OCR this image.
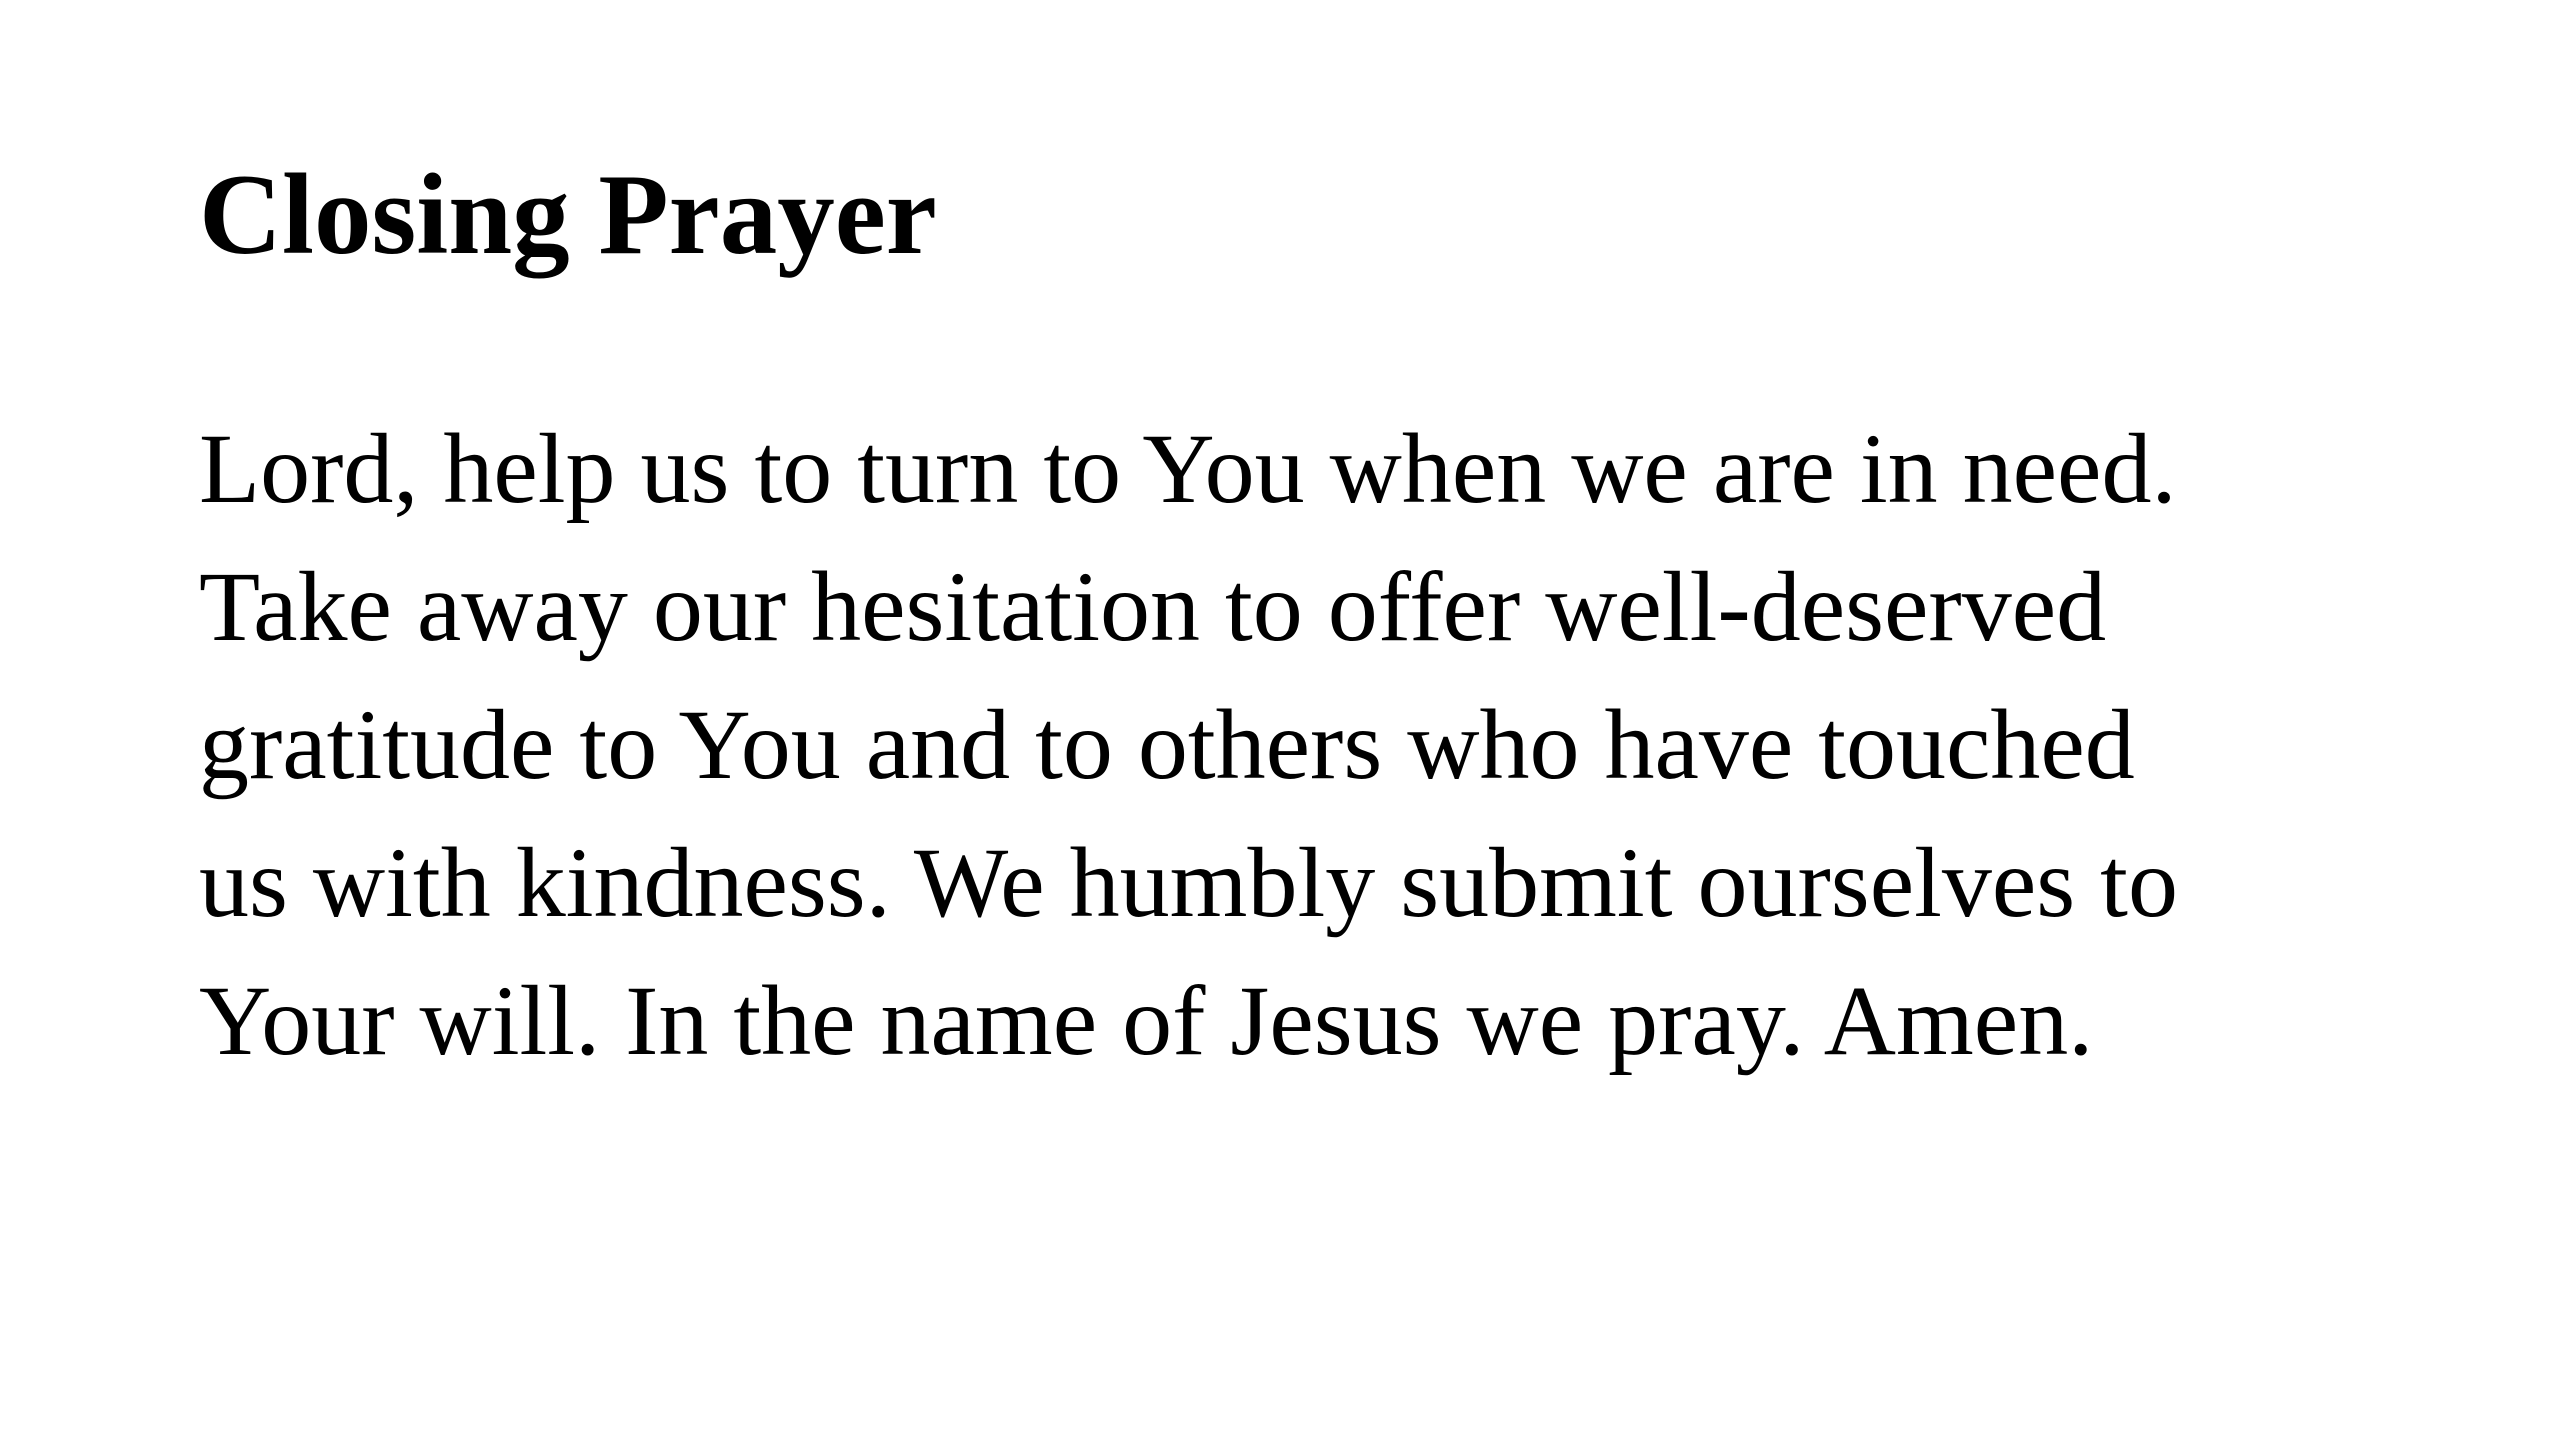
Closing Prayer
Lord, help us to turn to You when we are in need.
Take away our hesitation to offer well-deserved
gratitude to You and to others who have touched
us with kindness. We humbly submit ourselves to
Your will. In the name of Jesus we pray. Amen.
